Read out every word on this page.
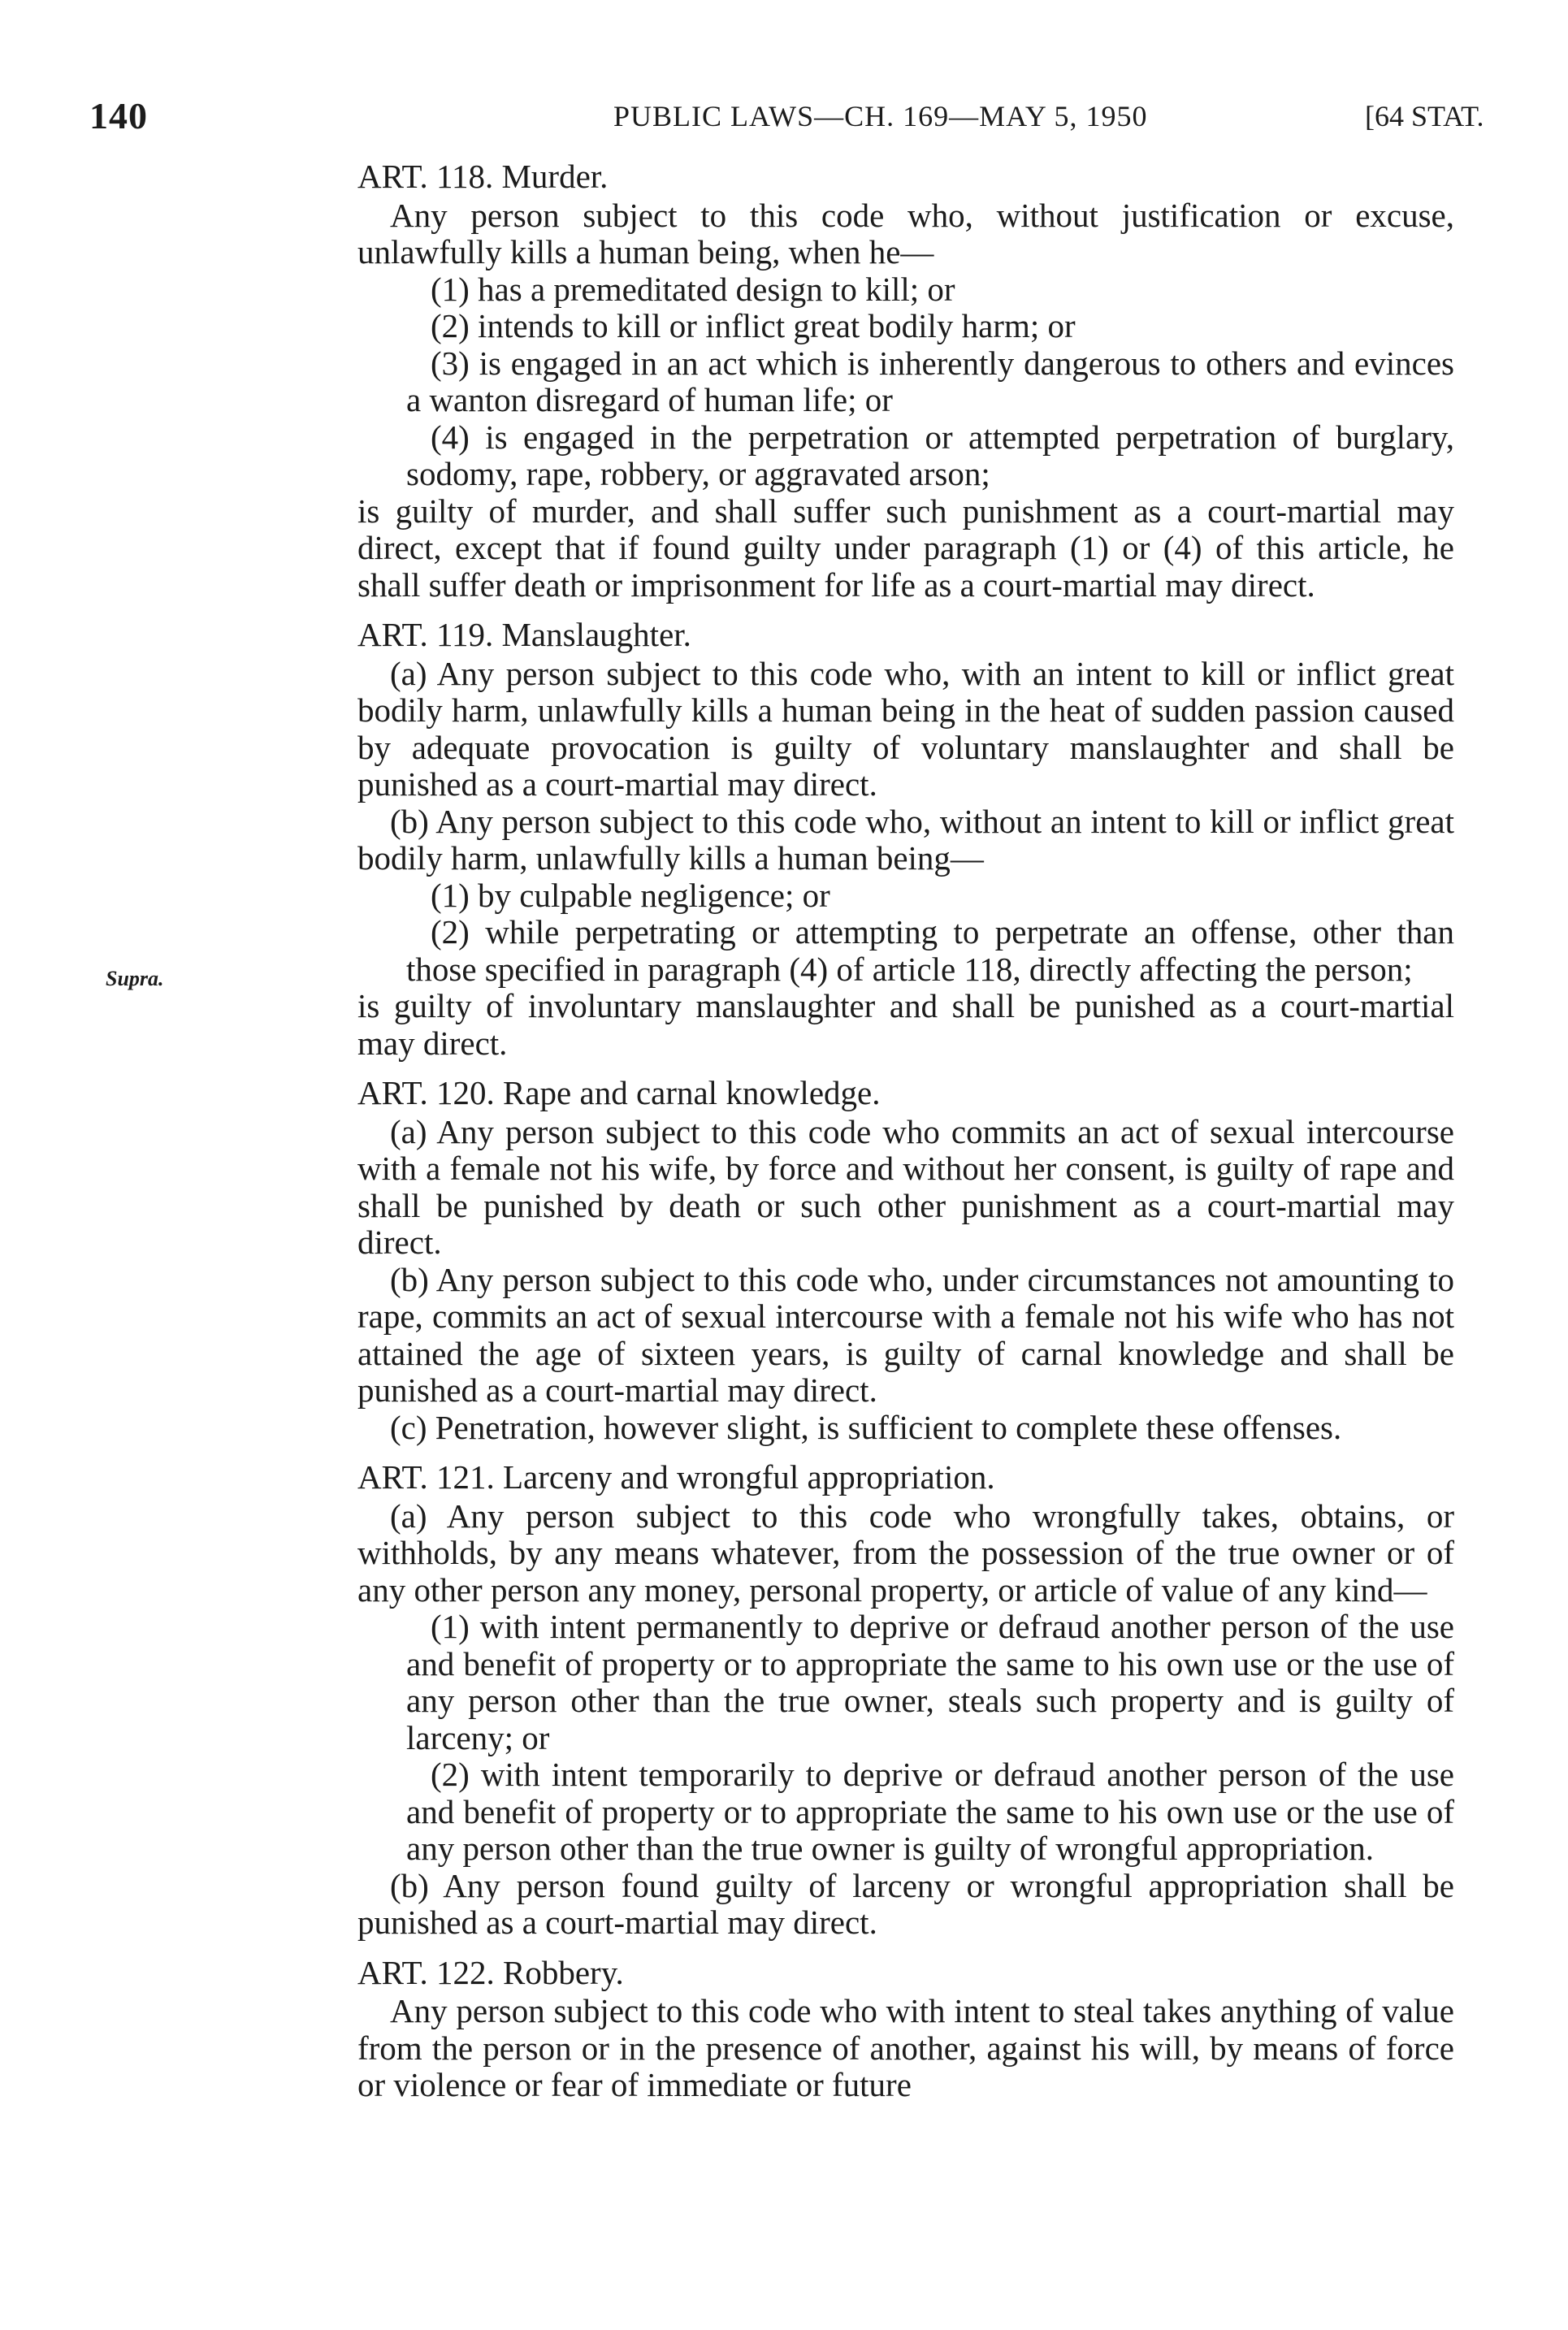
140	PUBLIC LAWS—CH. 169—MAY 5, 1950	[64 STAT.
Supra.

ART. 118. Murder.

Any person subject to this code who, without justification or excuse, unlawfully kills a human being, when he—

(1) has a premeditated design to kill; or

(2) intends to kill or inflict great bodily harm; or

(3) is engaged in an act which is inherently dangerous to others and evinces a wanton disregard of human life; or

(4) is engaged in the perpetration or attempted perpetration of burglary, sodomy, rape, robbery, or aggravated arson;

is guilty of murder, and shall suffer such punishment as a court-martial may direct, except that if found guilty under paragraph (1) or (4) of this article, he shall suffer death or imprisonment for life as a court-martial may direct.

ART. 119. Manslaughter.

(a) Any person subject to this code who, with an intent to kill or inflict great bodily harm, unlawfully kills a human being in the heat of sudden passion caused by adequate provocation is guilty of voluntary manslaughter and shall be punished as a court-martial may direct.

(b) Any person subject to this code who, without an intent to kill or inflict great bodily harm, unlawfully kills a human being—

(1) by culpable negligence; or

(2) while perpetrating or attempting to perpetrate an offense, other than those specified in paragraph (4) of article 118, directly affecting the person;

is guilty of involuntary manslaughter and shall be punished as a court-martial may direct.

ART. 120. Rape and carnal knowledge.

(a) Any person subject to this code who commits an act of sexual intercourse with a female not his wife, by force and without her consent, is guilty of rape and shall be punished by death or such other punishment as a court-martial may direct.

(b) Any person subject to this code who, under circumstances not amounting to rape, commits an act of sexual intercourse with a female not his wife who has not attained the age of sixteen years, is guilty of carnal knowledge and shall be punished as a court-martial may direct.

(c) Penetration, however slight, is sufficient to complete these offenses.

ART. 121. Larceny and wrongful appropriation.

(a) Any person subject to this code who wrongfully takes, obtains, or withholds, by any means whatever, from the possession of the true owner or of any other person any money, personal property, or article of value of any kind—

(1) with intent permanently to deprive or defraud another person of the use and benefit of property or to appropriate the same to his own use or the use of any person other than the true owner, steals such property and is guilty of larceny; or

(2) with intent temporarily to deprive or defraud another person of the use and benefit of property or to appropriate the same to his own use or the use of any person other than the true owner is guilty of wrongful appropriation.

(b) Any person found guilty of larceny or wrongful appropriation shall be punished as a court-martial may direct.

ART. 122. Robbery.

Any person subject to this code who with intent to steal takes anything of value from the person or in the presence of another, against his will, by means of force or violence or fear of immediate or future
